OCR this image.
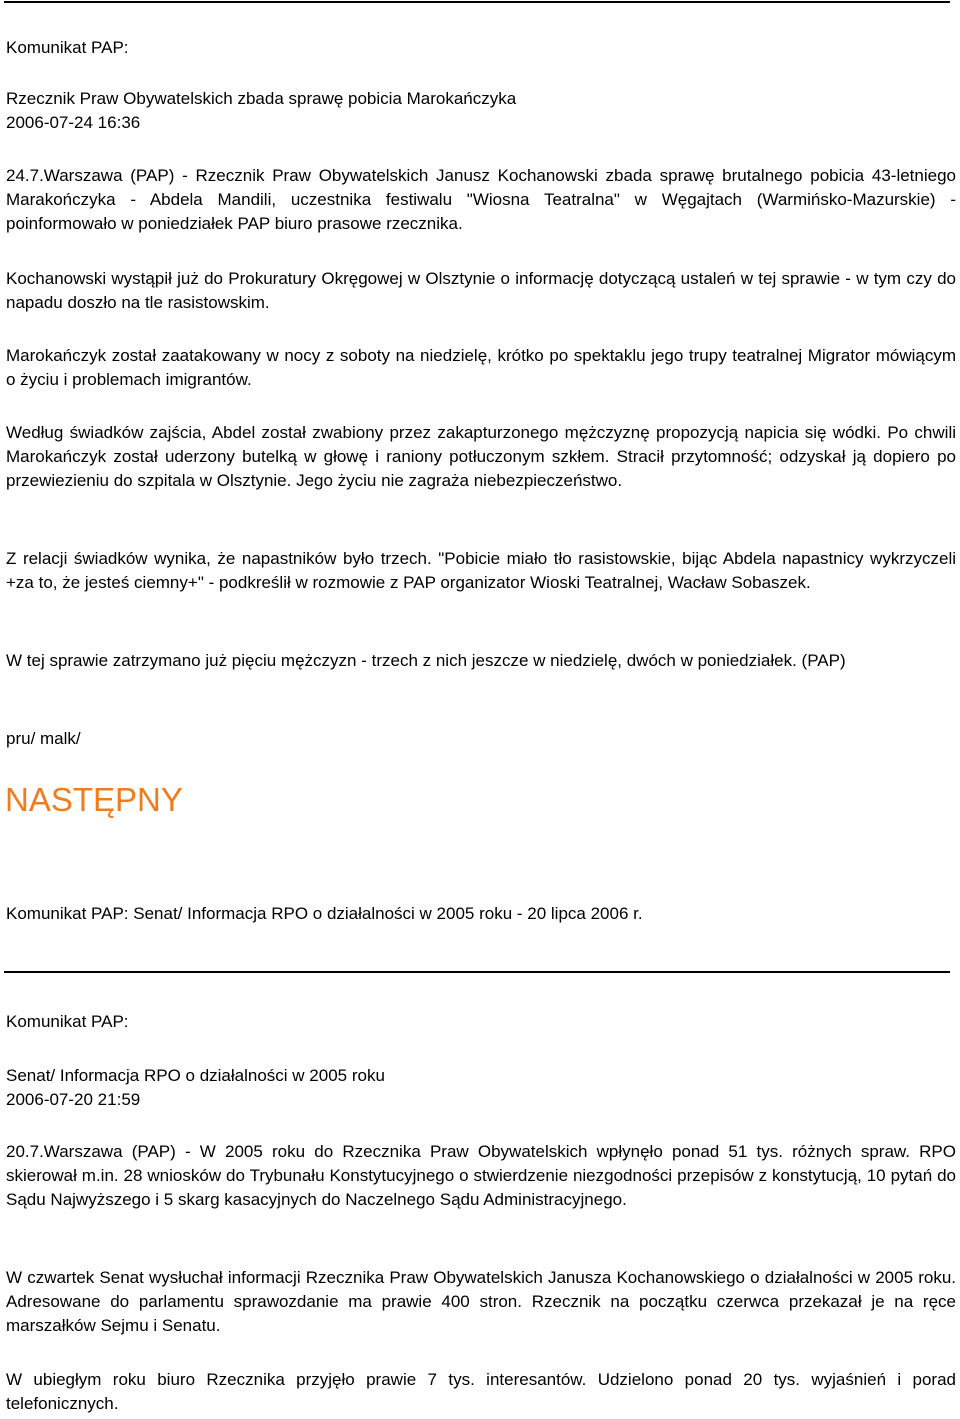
Komunikat PAP:

Rzecznik Praw Obywatelskich zbada sprawę pobicia Marokańczyka
2006-07-24 16:36

24.7.Warszawa (PAP) - Rzecznik Praw Obywatelskich Janusz Kochanowski zbada sprawę brutalnego pobicia 43-letniego Marakończyka - Abdela Mandili, uczestnika festiwalu "Wiosna Teatralna" w Węgajtach (Warmińsko-Mazurskie) - poinformowało w poniedziałek PAP biuro prasowe rzecznika.

Kochanowski wystąpił już do Prokuratury Okręgowej w Olsztynie o informację dotyczącą ustaleń w tej sprawie - w tym czy do napadu doszło na tle rasistowskim.

Marokańczyk został zaatakowany w nocy z soboty na niedzielę, krótko po spektaklu jego trupy teatralnej Migrator mówiącym o życiu i problemach imigrantów.

Według świadków zajścia, Abdel został zwabiony przez zakapturzonego mężczyznę propozycją napicia się wódki. Po chwili Marokańczyk został uderzony butelką w głowę i raniony potłuczonym szkłem. Stracił przytomność; odzyskał ją dopiero po przewiezieniu do szpitala w Olsztynie. Jego życiu nie zagraża niebezpieczeństwo.

Z relacji świadków wynika, że napastników było trzech. "Pobicie miało tło rasistowskie, bijąc Abdela napastnicy wykrzyczeli +za to, że jesteś ciemny+" - podkreślił w rozmowie z PAP organizator Wioski Teatralnej, Wacław Sobaszek.

W tej sprawie zatrzymano już pięciu mężczyzn - trzech z nich jeszcze w niedzielę, dwóch w poniedziałek. (PAP)

pru/ malk/

NASTĘPNY

Komunikat PAP: Senat/ Informacja RPO o działalności w 2005 roku - 20 lipca 2006 r.

Komunikat PAP:

Senat/ Informacja RPO o działalności w 2005 roku
2006-07-20 21:59

20.7.Warszawa (PAP) - W 2005 roku do Rzecznika Praw Obywatelskich wpłynęło ponad 51 tys. różnych spraw. RPO skierował m.in. 28 wniosków do Trybunału Konstytucyjnego o stwierdzenie niezgodności przepisów z konstytucją, 10 pytań do Sądu Najwyższego i 5 skarg kasacyjnych do Naczelnego Sądu Administracyjnego.

W czwartek Senat wysłuchał informacji Rzecznika Praw Obywatelskich Janusza Kochanowskiego o działalności w 2005 roku. Adresowane do parlamentu sprawozdanie ma prawie 400 stron. Rzecznik na początku czerwca przekazał je na ręce marszałków Sejmu i Senatu.

W ubiegłym roku biuro Rzecznika przyjęło prawie 7 tys. interesantów. Udzielono ponad 20 tys. wyjaśnień i porad telefonicznych.
